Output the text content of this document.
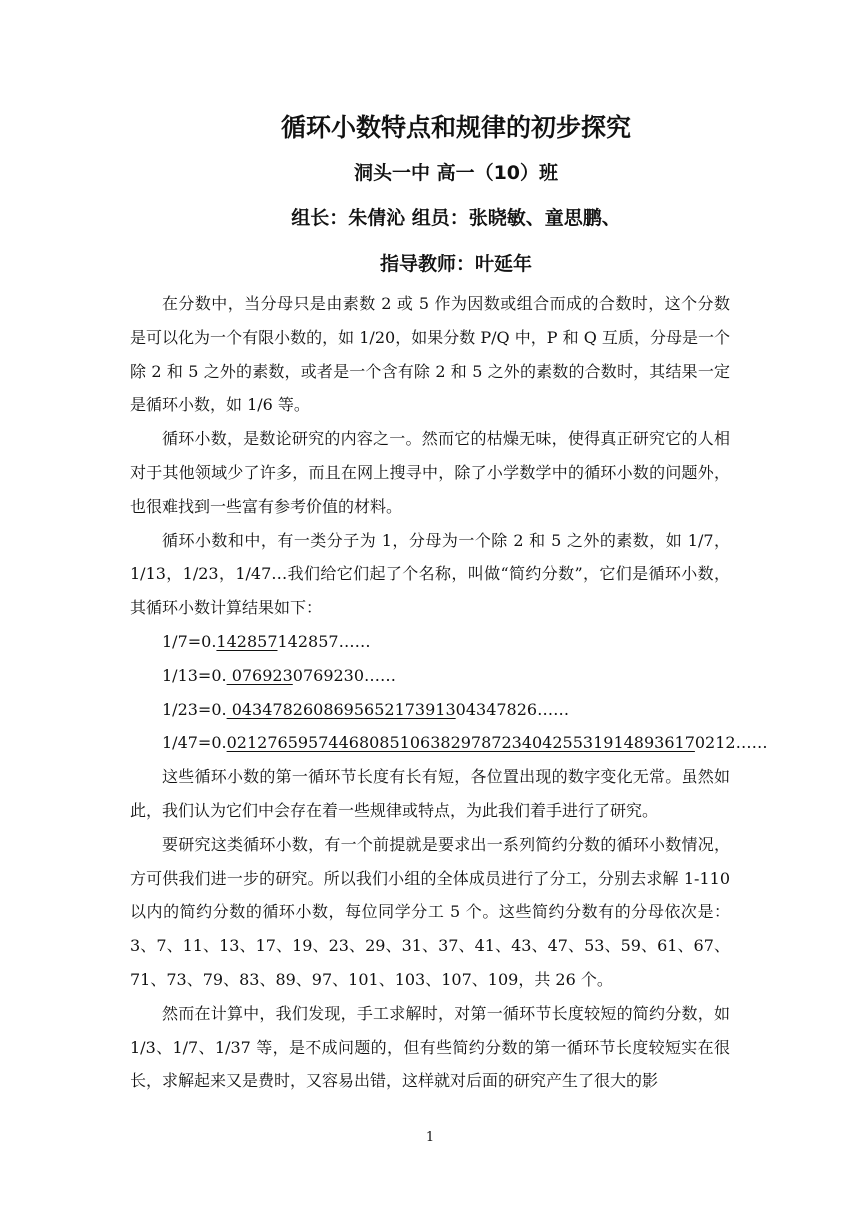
循环小数特点和规律的初步探究
洞头一中 高一（10）班
组长：朱倩沁 组员：张晓敏、童思鹏、
指导教师：叶延年

在分数中，当分母只是由素数 2 或 5 作为因数或组合而成的合数时，这个分数是可以化为一个有限小数的，如 1/20，如果分数 P/Q 中，P 和 Q 互质，分母是一个除 2 和 5 之外的素数，或者是一个含有除 2 和 5 之外的素数的合数时，其结果一定是循环小数，如 1/6 等。

循环小数，是数论研究的内容之一。然而它的枯燥无味，使得真正研究它的人相对于其他领域少了许多，而且在网上搜寻中，除了小学数学中的循环小数的问题外，也很难找到一些富有参考价值的材料。

循环小数和中，有一类分子为 1，分母为一个除 2 和 5 之外的素数，如 1/7，1/13，1/23，1/47…我们给它们起了个名称，叫做“简约分数”，它们是循环小数，其循环小数计算结果如下：

1/7=0.142857142857……

1/13=0. 0769230769230……

1/23=0. 043478260869565217391304347826……

1/47=0.02127659574468085106382978723404255319148936170212……

这些循环小数的第一循环节长度有长有短，各位置出现的数字变化无常。虽然如此，我们认为它们中会存在着一些规律或特点，为此我们着手进行了研究。

要研究这类循环小数，有一个前提就是要求出一系列简约分数的循环小数情况，方可供我们进一步的研究。所以我们小组的全体成员进行了分工，分别去求解 1-110 以内的简约分数的循环小数，每位同学分工 5 个。这些简约分数有的分母依次是：3、7、11、13、17、19、23、29、31、37、41、43、47、53、59、61、67、71、73、79、83、89、97、101、103、107、109，共 26 个。

然而在计算中，我们发现，手工求解时，对第一循环节长度较短的简约分数，如 1/3、1/7、1/37 等，是不成问题的，但有些简约分数的第一循环节长度较短实在很长，求解起来又是费时，又容易出错，这样就对后面的研究产生了很大的影

1
